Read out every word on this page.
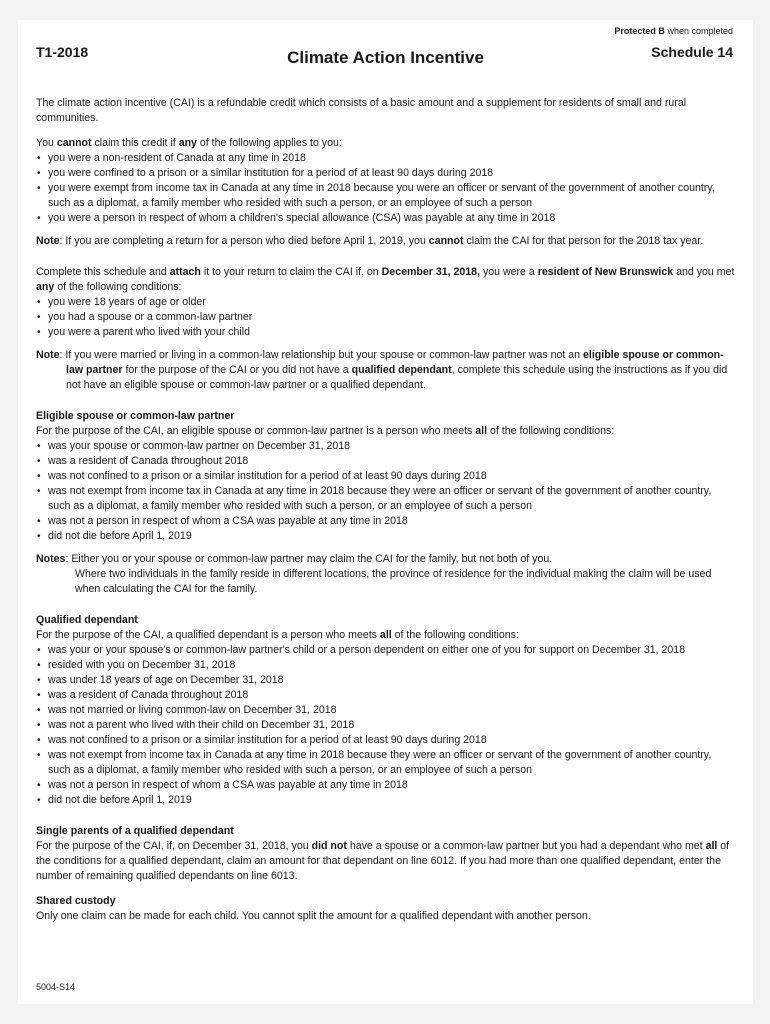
Protected B when completed
T1-2018	Climate Action Incentive	Schedule 14

The climate action incentive (CAI) is a refundable credit which consists of a basic amount and a supplement for residents of small and rural communities.

You cannot claim this credit if any of the following applies to you:

• you were a non-resident of Canada at any time in 2018
• you were confined to a prison or a similar institution for a period of at least 90 days during 2018
• you were exempt from income tax in Canada at any time in 2018 because you were an officer or servant of the government of another country, such as a diplomat, a family member who resided with such a person, or an employee of such a person
• you were a person in respect of whom a children's special allowance (CSA) was payable at any time in 2018

Note: If you are completing a return for a person who died before April 1, 2019, you cannot claim the CAI for that person for the 2018 tax year.

Complete this schedule and attach it to your return to claim the CAI if, on December 31, 2018, you were a resident of New Brunswick and you met any of the following conditions:

• you were 18 years of age or older
• you had a spouse or a common-law partner
• you were a parent who lived with your child

Note: If you were married or living in a common-law relationship but your spouse or common-law partner was not an eligible spouse or common-law partner for the purpose of the CAI or you did not have a qualified dependant, complete this schedule using the instructions as if you did not have an eligible spouse or common-law partner or a qualified dependant.

Eligible spouse or common-law partner

For the purpose of the CAI, an eligible spouse or common-law partner is a person who meets all of the following conditions:

• was your spouse or common-law partner on December 31, 2018
• was a resident of Canada throughout 2018
• was not confined to a prison or a similar institution for a period of at least 90 days during 2018
• was not exempt from income tax in Canada at any time in 2018 because they were an officer or servant of the government of another country, such as a diplomat, a family member who resided with such a person, or an employee of such a person
• was not a person in respect of whom a CSA was payable at any time in 2018
• did not die before April 1, 2019

Notes: Either you or your spouse or common-law partner may claim the CAI for the family, but not both of you.

Where two individuals in the family reside in different locations, the province of residence for the individual making the claim will be used when calculating the CAI for the family.

Qualified dependant

For the purpose of the CAI, a qualified dependant is a person who meets all of the following conditions:

• was your or your spouse's or common-law partner's child or a person dependent on either one of you for support on December 31, 2018
• resided with you on December 31, 2018
• was under 18 years of age on December 31, 2018
• was a resident of Canada throughout 2018
• was not married or living common-law on December 31, 2018
• was not a parent who lived with their child on December 31, 2018
• was not confined to a prison or a similar institution for a period of at least 90 days during 2018
• was not exempt from income tax in Canada at any time in 2018 because they were an officer or servant of the government of another country, such as a diplomat, a family member who resided with such a person, or an employee of such a person
• was not a person in respect of whom a CSA was payable at any time in 2018
• did not die before April 1, 2019

Single parents of a qualified dependant

For the purpose of the CAI, if, on December 31, 2018, you did not have a spouse or a common-law partner but you had a dependant who met all of the conditions for a qualified dependant, claim an amount for that dependant on line 6012. If you had more than one qualified dependant, enter the number of remaining qualified dependants on line 6013.

Shared custody

Only one claim can be made for each child. You cannot split the amount for a qualified dependant with another person.

5004-S14
